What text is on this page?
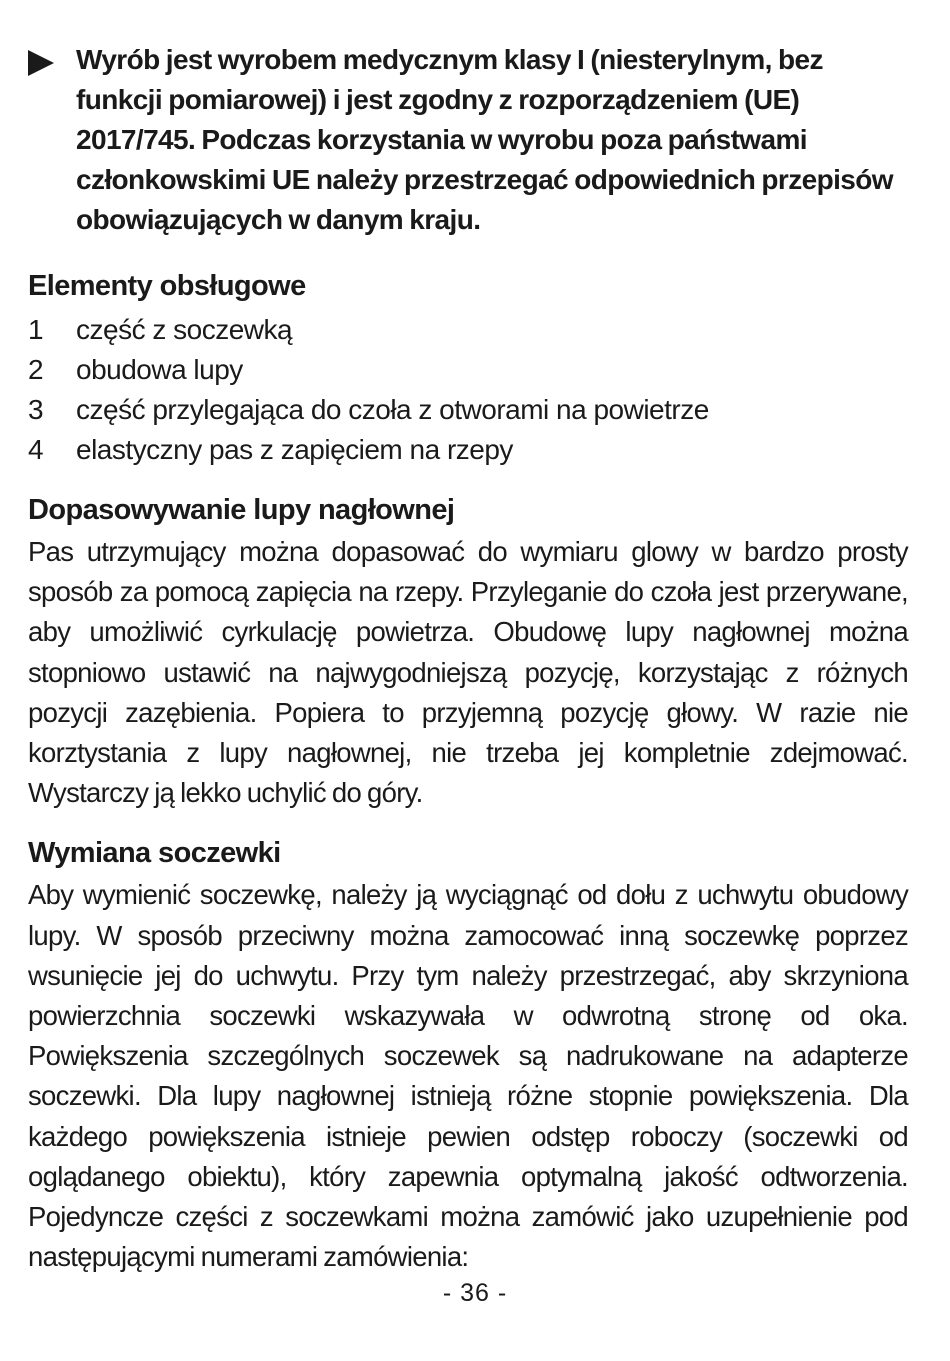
Wyrób jest wyrobem medycznym klasy I (niesterylnym, bez funkcji pomiarowej) i jest zgodny z rozporządzeniem (UE) 2017/745. Podczas korzystania w wyrobu poza państwami członkowskimi UE należy przestrzegać odpowiednich przepisów obowiązujących w danym kraju.
Elementy obsługowe
1	część z soczewką
2	obudowa lupy
3	część przylegająca do czoła z otworami na powietrze
4	elastyczny pas z zapięciem na rzepy
Dopasowywanie lupy nagłownej

Pas utrzymujący można dopasować do wymiaru glowy w bardzo prosty sposób za pomocą zapięcia na rzepy. Przyleganie do czoła jest przerywane, aby umożliwić cyrkulację powietrza. Obudowę lupy nagłownej można stopniowo ustawić na najwygodniejszą pozycję, korzystając z różnych pozycji zazębienia. Popiera to przyjemną pozycję głowy. W razie nie korztystania z lupy nagłownej, nie trzeba jej kompletnie zdejmować. Wystarczy ją lekko uchylić do góry.

Wymiana soczewki

Aby wymienić soczewkę, należy ją wyciągnąć od dołu z uchwytu obudowy lupy. W sposób przeciwny można zamocować inną soczewkę poprzez wsunięcie jej do uchwytu. Przy tym należy przestrzegać, aby skrzyniona powierzchnia soczewki wskazywała w odwrotną stronę od oka. Powiększenia szczególnych soczewek są nadrukowane na adapterze soczewki. Dla lupy nagłownej istnieją różne stopnie powiększenia. Dla każdego powiększenia istnieje pewien odstęp roboczy (soczewki od oglądanego obiektu), który zapewnia optymalną jakość odtworzenia. Pojedyncze części z soczewkami można zamówić jako uzupełnienie pod następującymi numerami zamówienia:

- 36 -
